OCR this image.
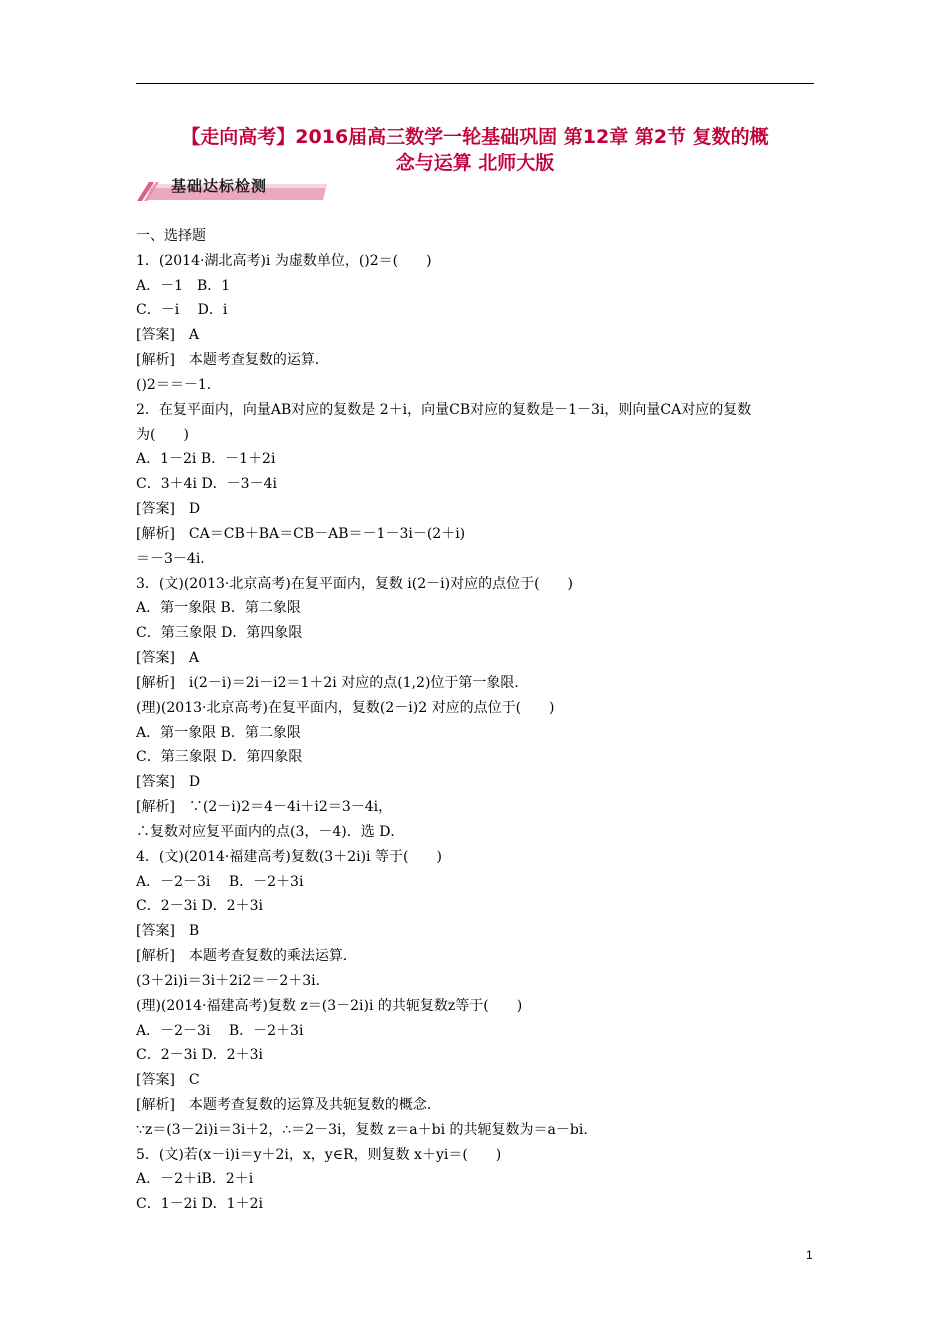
【走向高考】2016届高三数学一轮基础巩固 第12章 第2节 复数的概
念与运算 北师大版
基础达标检测
一、选择题
1．(2014·湖北高考)i 为虚数单位，()2＝(　　)
A．－1　B．1
C．－i　 D．i
[答案]　A
[解析]　本题考查复数的运算．
()2＝＝－1.
2．在复平面内，向量AB对应的复数是 2＋i，向量CB对应的复数是－1－3i，则向量CA对应的复数
为(　　)
A．1－2i B．－1＋2i
C．3＋4i D．－3－4i
[答案]　D
[解析]　CA＝CB＋BA＝CB－AB＝－1－3i－(2＋i)
＝－3－4i.
3．(文)(2013·北京高考)在复平面内，复数 i(2－i)对应的点位于(　　)
A．第一象限 B．第二象限
C．第三象限 D．第四象限
[答案]　A
[解析]　i(2－i)＝2i－i2＝1＋2i 对应的点(1,2)位于第一象限．
(理)(2013·北京高考)在复平面内，复数(2－i)2 对应的点位于(　　)
A．第一象限 B．第二象限
C．第三象限 D．第四象限
[答案]　D
[解析]　∵(2－i)2＝4－4i＋i2＝3－4i，
∴复数对应复平面内的点(3，－4)．选 D．
4．(文)(2014·福建高考)复数(3＋2i)i 等于(　　)
A．－2－3i　 B．－2＋3i
C．2－3i D．2＋3i
[答案]　B
[解析]　本题考查复数的乘法运算．
(3＋2i)i＝3i＋2i2＝－2＋3i.
(理)(2014·福建高考)复数 z＝(3－2i)i 的共轭复数z等于(　　)
A．－2－3i　 B．－2＋3i
C．2－3i D．2＋3i
[答案]　C
[解析]　本题考查复数的运算及共轭复数的概念．
∵z＝(3－2i)i＝3i＋2，∴＝2－3i，复数 z＝a＋bi 的共轭复数为＝a－bi.
5．(文)若(x－i)i＝y＋2i，x，y∈R，则复数 x＋yi＝(　　)
A．－2＋iB．2＋i
C．1－2i D．1＋2i
1
